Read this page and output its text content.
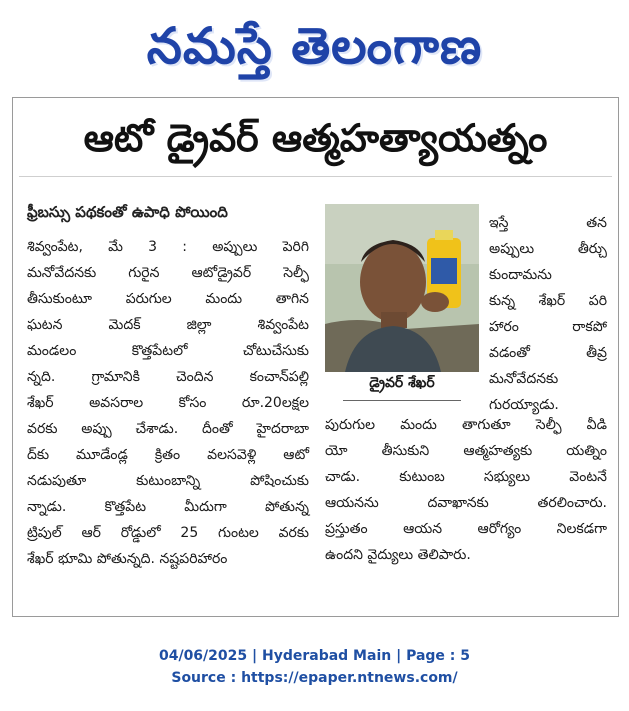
నమస్తే తెలంగాణ
ఆటో డ్రైవర్ ఆత్మహత్యాయత్నం
ఫ్రీబస్సు పథకంతో ఉపాధి పోయింది
శివ్వంపేట, మే 3 : అప్పులు పెరిగి
మనోవేదనకు గురైన ఆటోడ్రైవర్ సెల్ఫీ
తీసుకుంటూ పరుగుల మందు తాగిన
ఘటన మెదక్ జిల్లా శివ్వంపేట
మండలం కొత్తపేటలో చోటుచేసుకు
న్నది. గ్రామానికి చెందిన కంచాన్‌పల్లి
శేఖర్ అవసరాల కోసం రూ.20లక్షల
వరకు అప్పు చేశాడు. దీంతో హైదరాబా
ద్‌కు మూడేండ్ల క్రితం వలసవెళ్లి ఆటో
నడుపుతూ కుటుంబాన్ని పోషించుకు
న్నాడు. కొత్తపేట మీదుగా పోతున్న
ట్రిపుల్ ఆర్ రోడ్డులో 25 గుంటల వరకు
శేఖర్ భూమి పోతున్నది. నష్టపరిహారం
డ్రైవర్ శేఖర్
ఇస్తే తన
అప్పులు తీర్చు
కుందామను
కున్న శేఖర్ పరి
హారం రాకపో
వడంతో తీవ్ర
మనోవేదనకు
గురయ్యాడు.
పురుగుల మందు తాగుతూ సెల్ఫీ వీడి
యో తీసుకుని ఆత్మహత్యకు యత్నిం
చాడు. కుటుంబ సభ్యులు వెంటనే
ఆయనను దవాఖానకు తరలించారు.
ప్రస్తుతం ఆయన ఆరోగ్యం నిలకడగా
ఉందని వైద్యులు తెలిపారు.
04/06/2025 | Hyderabad Main | Page : 5
Source : https://epaper.ntnews.com/
